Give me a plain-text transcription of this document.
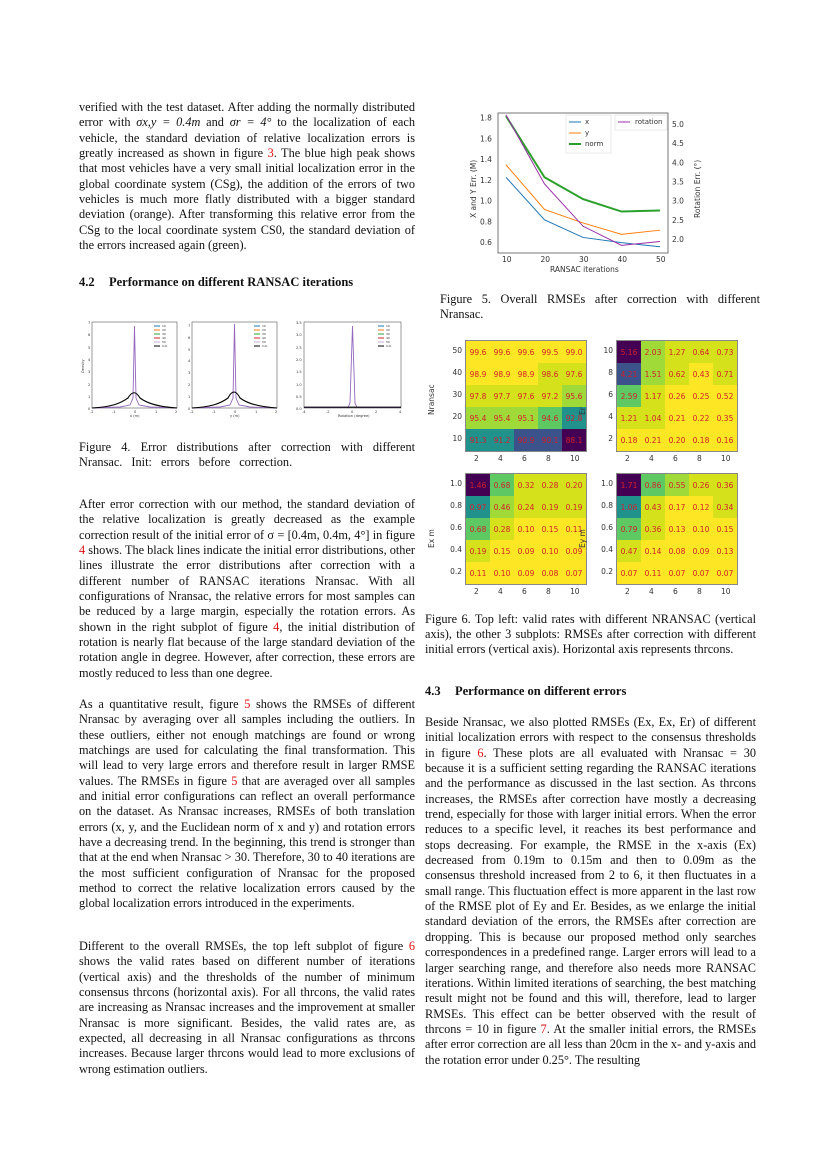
verified with the test dataset. After adding the normally distributed error with σx,y = 0.4m and σr = 4° to the localization of each vehicle, the standard deviation of relative localization errors is greatly increased as shown in figure 3. The blue high peak shows that most vehicles have a very small initial localization error in the global coordinate system (CSg), the addition of the errors of two vehicles is much more flatly distributed with a bigger standard deviation (orange). After transforming this relative error from the CSg to the local coordinate system CS0, the standard deviation of the errors increased again (green).

4.2 Performance on different RANSAC iterations
0
1
2
3
4
5
6
7
-2	-1	0	1	2
x (m)
Density
10
20
30
40
50
Init.
0
1
2
3
4
5
6
7
-2	-1	0	1	2
y (m)
10
20
30
40
50
Init.
0.0
0.5
1.0
1.5
2.0
2.5
3.0
3.5
-4	-2	0	2	4
Rotation (degree)
10
20
30
40
50
Init.
Figure 4. Error distributions after correction with different Nransac. Init: errors before correction.

After error correction with our method, the standard deviation of the relative localization is greatly decreased as the example correction result of the initial error of σ = [0.4m, 0.4m, 4°] in figure 4 shows. The black lines indicate the initial error distributions, other lines illustrate the error distributions after correction with a different number of RANSAC iterations Nransac. With all configurations of Nransac, the relative errors for most samples can be reduced by a large margin, especially the rotation errors. As shown in the right subplot of figure 4, the initial distribution of rotation is nearly flat because of the large standard deviation of the rotation angle in degree. However, after correction, these errors are mostly reduced to less than one degree.

As a quantitative result, figure 5 shows the RMSEs of different Nransac by averaging over all samples including the outliers. In these outliers, either not enough matchings are found or wrong matchings are used for calculating the final transformation. This will lead to very large errors and therefore result in larger RMSE values. The RMSEs in figure 5 that are averaged over all samples and initial error configurations can reflect an overall performance on the dataset. As Nransac increases, RMSEs of both translation errors (x, y, and the Euclidean norm of x and y) and rotation errors have a decreasing trend. In the beginning, this trend is stronger than that at the end when Nransac > 30. Therefore, 30 to 40 iterations are the most sufficient configuration of Nransac for the proposed method to correct the relative localization errors caused by the global localization errors introduced in the experiments.

Different to the overall RMSEs, the top left subplot of figure 6 shows the valid rates based on different number of iterations (vertical axis) and the thresholds of the number of minimum consensus thrcons (horizontal axis). For all thrcons, the valid rates are increasing as Nransac increases and the improvement at smaller Nransac is more significant. Besides, the valid rates are, as expected, all decreasing in all Nransac configurations as thrcons increases. Because larger thrcons would lead to more exclusions of wrong estimation outliers.

0.6
0.8
1.0
1.2
1.4
1.6
1.8
2.0
2.5
3.0
3.5
4.0
4.5
5.0
10	20	30	40	50
X and Y Err. (M)	Rotation Err. (°)
RANSAC iterations
x
y
norm
rotation
Figure 5. Overall RMSEs after correction with different Nransac.
99.6 99.6 99.6 99.5 99.0
98.9 98.9 98.9 98.6 97.6
97.8 97.7 97.6 97.2 95.6
95.4 95.4 95.1 94.6 92.8
91.3 91.2 90.9 90.1 88.1
50
40
30
20
10
2	4	6	8	10
Nransac
5.16 2.03 1.27 0.64 0.73
4.21 1.51 0.62 0.43 0.71
2.59 1.17 0.26 0.25 0.52
1.21 1.04 0.21 0.22 0.35
0.18 0.21 0.20 0.18 0.16
10
8
6
4
2
2	4	6	8	10
Er
1.46 0.68 0.32 0.28 0.20
0.97 0.46 0.24 0.19 0.19
0.68 0.28 0.10 0.15 0.11
0.19 0.15 0.09 0.10 0.09
0.11 0.10 0.09 0.08 0.07
1.0
0.8
0.6
0.4
0.2
2	4	6	8	10
Ex m
1.71 0.86 0.55 0.26 0.36
1.06 0.43 0.17 0.12 0.34
0.79 0.36 0.13 0.10 0.15
0.47 0.14 0.08 0.09 0.13
0.07 0.11 0.07 0.07 0.07
1.0
0.8
0.6
0.4
0.2
2	4	6	8	10
Ey m
Figure 6. Top left: valid rates with different NRANSAC (vertical axis), the other 3 subplots: RMSEs after correction with different initial errors (vertical axis). Horizontal axis represents thrcons.
4.3 Performance on different errors

Beside Nransac, we also plotted RMSEs (Ex, Ex, Er) of different initial localization errors with respect to the consensus thresholds in figure 6. These plots are all evaluated with Nransac = 30 because it is a sufficient setting regarding the RANSAC iterations and the performance as discussed in the last section. As thrcons increases, the RMSEs after correction have mostly a decreasing trend, especially for those with larger initial errors. When the error reduces to a specific level, it reaches its best performance and stops decreasing. For example, the RMSE in the x-axis (Ex) decreased from 0.19m to 0.15m and then to 0.09m as the consensus threshold increased from 2 to 6, it then fluctuates in a small range. This fluctuation effect is more apparent in the last row of the RMSE plot of Ey and Er. Besides, as we enlarge the initial standard deviation of the errors, the RMSEs after correction are dropping. This is because our proposed method only searches correspondences in a predefined range. Larger errors will lead to a larger searching range, and therefore also needs more RANSAC iterations. Within limited iterations of searching, the best matching result might not be found and this will, therefore, lead to larger RMSEs. This effect can be better observed with the result of thrcons = 10 in figure 7. At the smaller initial errors, the RMSEs after error correction are all less than 20cm in the x- and y-axis and the rotation error under 0.25°. The resulting
